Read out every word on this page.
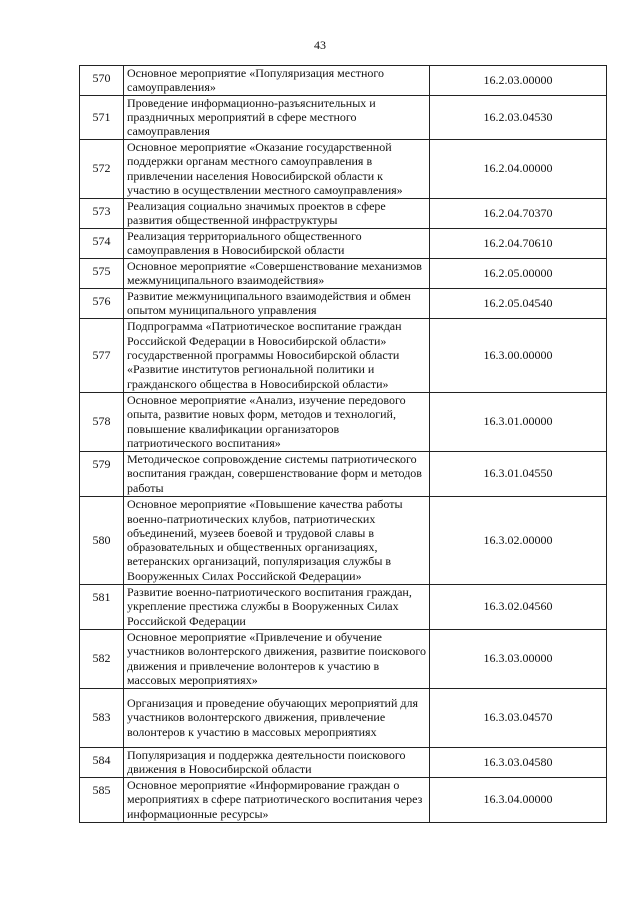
43
570	Основное мероприятие «Популяризация местного самоуправления»	16.2.03.00000
571	Проведение информационно-разъяснительных и праздничных мероприятий в сфере местного самоуправления	16.2.03.04530
572	Основное мероприятие «Оказание государственной поддержки органам местного самоуправления в привлечении населения Новосибирской области к участию в осуществлении местного самоуправления»	16.2.04.00000
573	Реализация социально значимых проектов в сфере развития общественной инфраструктуры	16.2.04.70370
574	Реализация территориального общественного самоуправления в Новосибирской области	16.2.04.70610
575	Основное мероприятие «Совершенствование механизмов межмуниципального взаимодействия»	16.2.05.00000
576	Развитие межмуниципального взаимодействия и обмен опытом муниципального управления	16.2.05.04540
577	Подпрограмма «Патриотическое воспитание граждан Российской Федерации в Новосибирской области» государственной программы Новосибирской области «Развитие институтов региональной политики и гражданского общества в Новосибирской области»	16.3.00.00000
578	Основное мероприятие «Анализ, изучение передового опыта, развитие новых форм, методов и технологий, повышение квалификации организаторов патриотического воспитания»	16.3.01.00000
579	Методическое сопровождение системы патриотического воспитания граждан, совершенствование форм и методов работы	16.3.01.04550
580	Основное мероприятие «Повышение качества работы военно-патриотических клубов, патриотических объединений, музеев боевой и трудовой славы в образовательных и общественных организациях, ветеранских организаций, популяризация службы в Вооруженных Силах Российской Федерации»	16.3.02.00000
581	Развитие военно-патриотического воспитания граждан, укрепление престижа службы в Вооруженных Силах Российской Федерации	16.3.02.04560
582	Основное мероприятие «Привлечение и обучение участников волонтерского движения, развитие поискового движения и привлечение волонтеров к участию в массовых мероприятиях»	16.3.03.00000
583	Организация и проведение обучающих мероприятий для участников волонтерского движения, привлечение волонтеров к участию в массовых мероприятиях	16.3.03.04570
584	Популяризация и поддержка деятельности поискового движения в Новосибирской области	16.3.03.04580
585	Основное мероприятие «Информирование граждан о мероприятиях в сфере патриотического воспитания через информационные ресурсы»	16.3.04.00000
